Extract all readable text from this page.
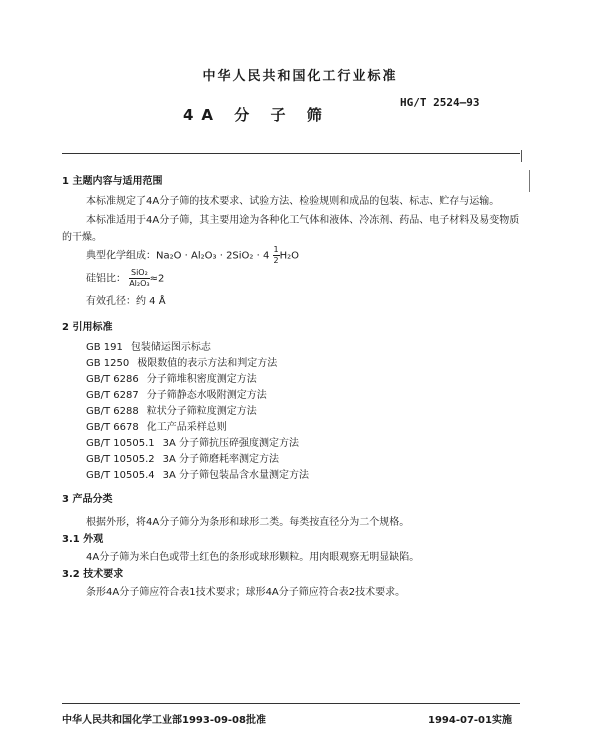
中华人民共和国化工行业标准
HG/T 2524—93
4A 分 子 筛
1 主题内容与适用范围
本标准规定了4A分子筛的技术要求、试验方法、检验规则和成品的包装、标志、贮存与运输。
本标准适用于4A分子筛，其主要用途为各种化工气体和液体、冷冻剂、药品、电子材料及易变物质
的干燥。
典型化学组成：$Na_2O \cdot Al_2O_3 \cdot 2SiO_2 \cdot 4 \frac{1}{2} H_2O$
硅铝比： $\frac{\text{SiO₂}}{\text{Al₂O₃}} \approx 2$
有效孔径：约 4 Å
2 引用标准
GB 191 包装储运图示标志
GB 1250 极限数值的表示方法和判定方法
GB/T 6286 分子筛堆积密度测定方法
GB/T 6287 分子筛静态水吸附测定方法
GB/T 6288 粒状分子筛粒度测定方法
GB/T 6678 化工产品采样总则
GB/T 10505.1 3A 分子筛抗压碎强度测定方法
GB/T 10505.2 3A 分子筛磨耗率测定方法
GB/T 10505.4 3A 分子筛包装品含水量测定方法
3 产品分类
根据外形，将4A分子筛分为条形和球形二类。每类按直径分为二个规格。
3.1 外观
4A分子筛为米白色或带土红色的条形或球形颗粒。用肉眼观察无明显缺陷。
3.2 技术要求
条形4A分子筛应符合表1技术要求；球形4A分子筛应符合表2技术要求。
中华人民共和国化学工业部1993-09-08批准	1994-07-01实施
